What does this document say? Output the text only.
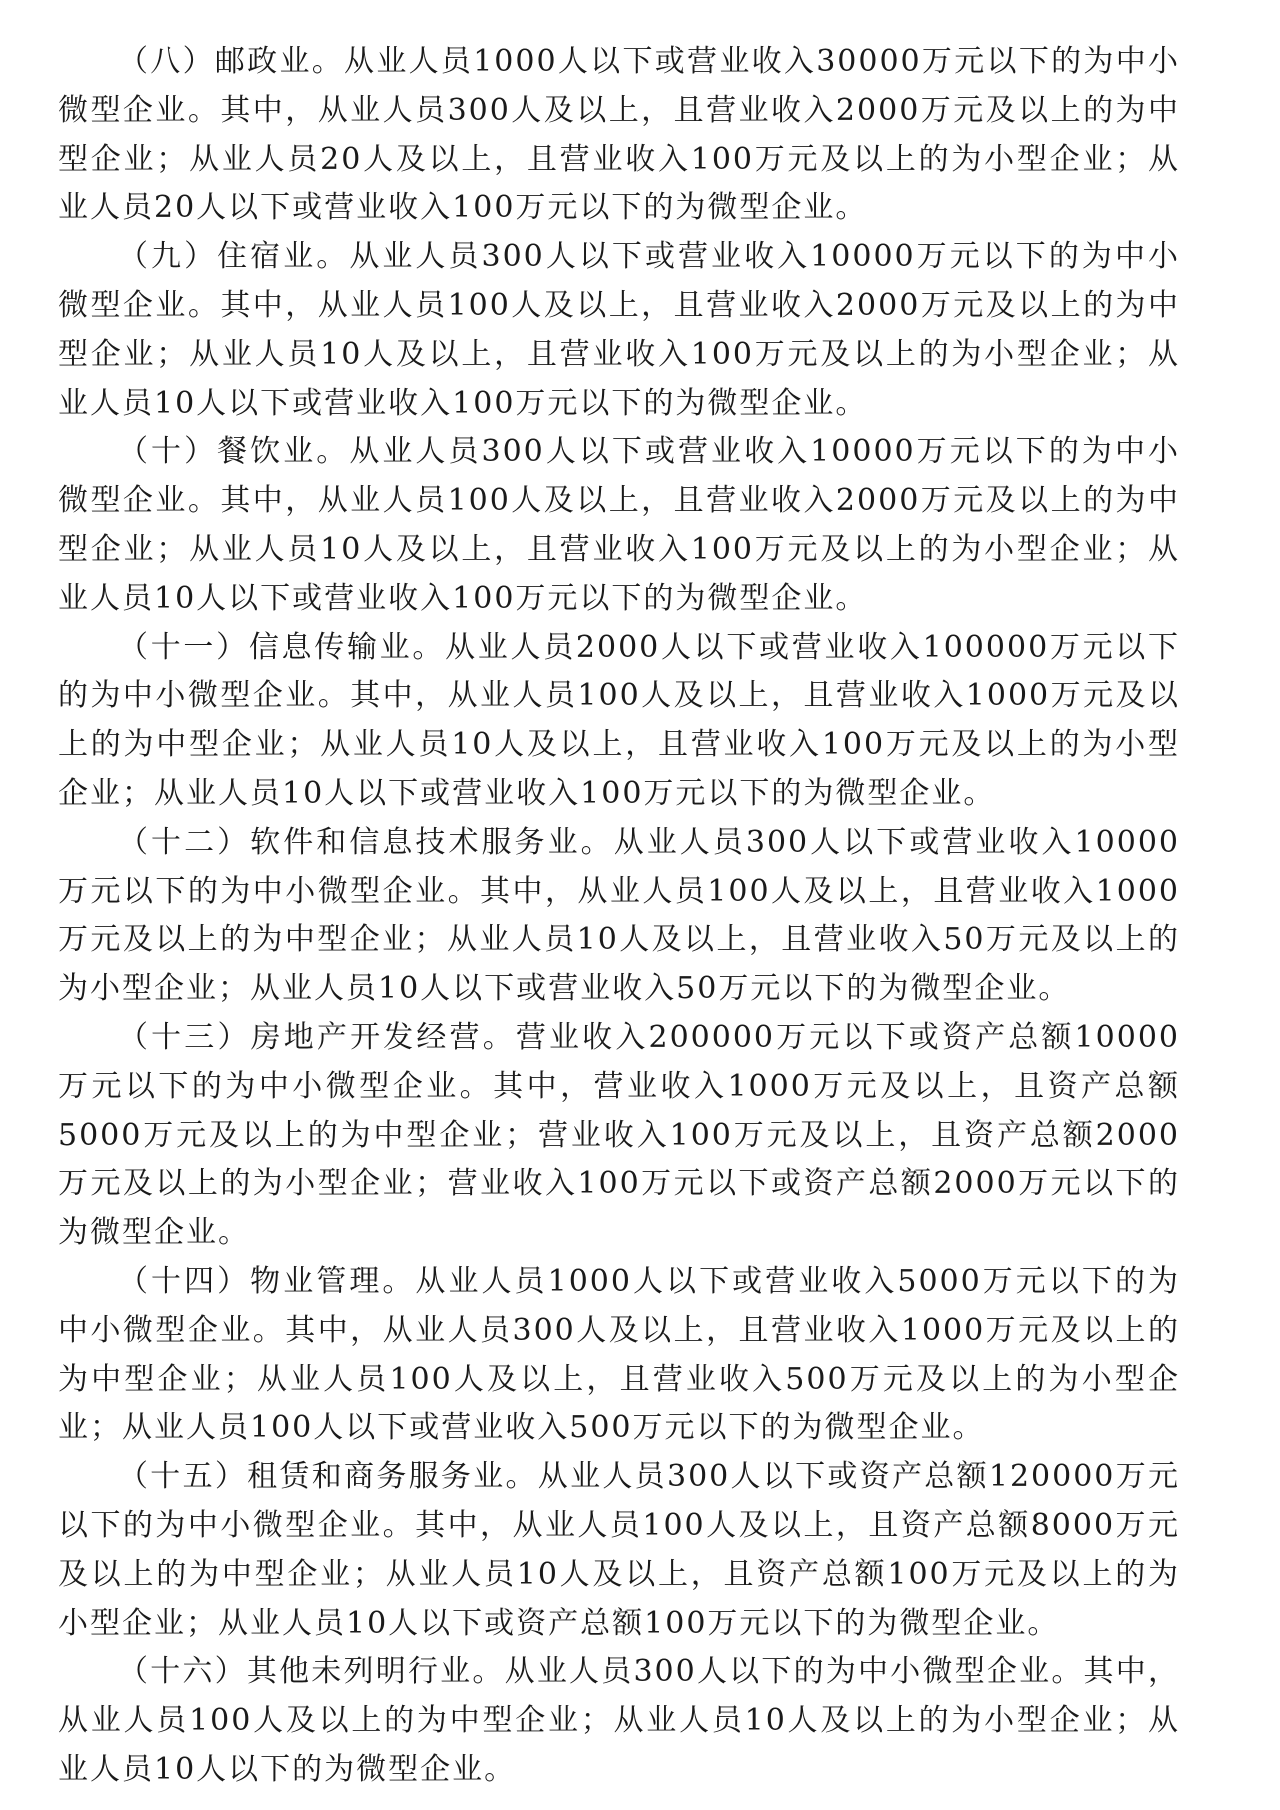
（八）邮政业。从业人员1000人以下或营业收入30000万元以下的为中小微型企业。其中，从业人员300人及以上，且营业收入2000万元及以上的为中型企业；从业人员20人及以上，且营业收入100万元及以上的为小型企业；从业人员20人以下或营业收入100万元以下的为微型企业。

（九）住宿业。从业人员300人以下或营业收入10000万元以下的为中小微型企业。其中，从业人员100人及以上，且营业收入2000万元及以上的为中型企业；从业人员10人及以上，且营业收入100万元及以上的为小型企业；从业人员10人以下或营业收入100万元以下的为微型企业。

（十）餐饮业。从业人员300人以下或营业收入10000万元以下的为中小微型企业。其中，从业人员100人及以上，且营业收入2000万元及以上的为中型企业；从业人员10人及以上，且营业收入100万元及以上的为小型企业；从业人员10人以下或营业收入100万元以下的为微型企业。

（十一）信息传输业。从业人员2000人以下或营业收入100000万元以下的为中小微型企业。其中，从业人员100人及以上，且营业收入1000万元及以上的为中型企业；从业人员10人及以上，且营业收入100万元及以上的为小型企业；从业人员10人以下或营业收入100万元以下的为微型企业。

（十二）软件和信息技术服务业。从业人员300人以下或营业收入10000万元以下的为中小微型企业。其中，从业人员100人及以上，且营业收入1000万元及以上的为中型企业；从业人员10人及以上，且营业收入50万元及以上的为小型企业；从业人员10人以下或营业收入50万元以下的为微型企业。

（十三）房地产开发经营。营业收入200000万元以下或资产总额10000万元以下的为中小微型企业。其中，营业收入1000万元及以上，且资产总额5000万元及以上的为中型企业；营业收入100万元及以上，且资产总额2000万元及以上的为小型企业；营业收入100万元以下或资产总额2000万元以下的为微型企业。

（十四）物业管理。从业人员1000人以下或营业收入5000万元以下的为中小微型企业。其中，从业人员300人及以上，且营业收入1000万元及以上的为中型企业；从业人员100人及以上，且营业收入500万元及以上的为小型企业；从业人员100人以下或营业收入500万元以下的为微型企业。

（十五）租赁和商务服务业。从业人员300人以下或资产总额120000万元以下的为中小微型企业。其中，从业人员100人及以上，且资产总额8000万元及以上的为中型企业；从业人员10人及以上，且资产总额100万元及以上的为小型企业；从业人员10人以下或资产总额100万元以下的为微型企业。

（十六）其他未列明行业。从业人员300人以下的为中小微型企业。其中，从业人员100人及以上的为中型企业；从业人员10人及以上的为小型企业；从业人员10人以下的为微型企业。
